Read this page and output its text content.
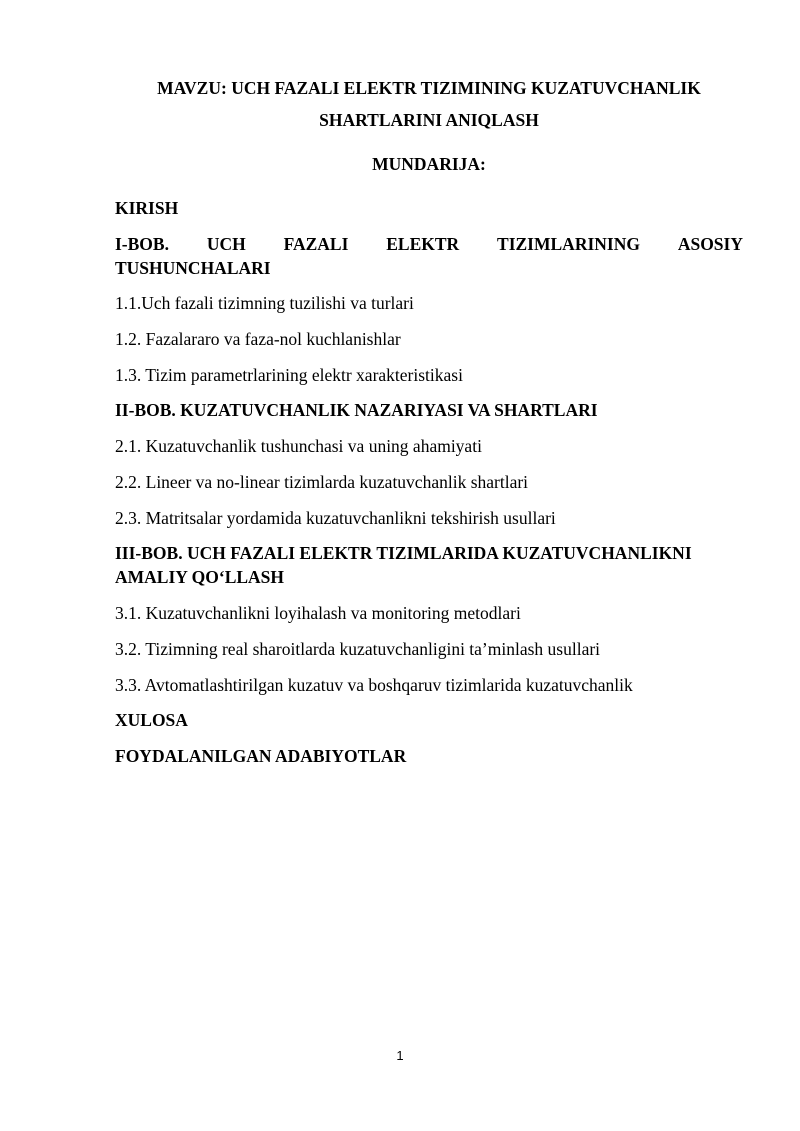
MAVZU: UCH FAZALI ELEKTR TIZIMINING KUZATUVCHANLIK

SHARTLARINI ANIQLASH

MUNDARIJA:

KIRISH

I-BOB. UCH FAZALI ELEKTR TIZIMLARINING ASOSIY

TUSHUNCHALARI

1.1.Uch fazali tizimning tuzilishi va turlari

1.2. Fazalararo va faza-nol kuchlanishlar

1.3. Tizim parametrlarining elektr xarakteristikasi

II-BOB. KUZATUVCHANLIK NAZARIYASI VA SHARTLARI

2.1. Kuzatuvchanlik tushunchasi va uning ahamiyati

2.2. Lineer va no-linear tizimlarda kuzatuvchanlik shartlari

2.3. Matritsalar yordamida kuzatuvchanlikni tekshirish usullari

III-BOB. UCH FAZALI ELEKTR TIZIMLARIDA KUZATUVCHANLIKNI

AMALIY QO‘LLASH

3.1. Kuzatuvchanlikni loyihalash va monitoring metodlari

3.2. Tizimning real sharoitlarda kuzatuvchanligini ta’minlash usullari

3.3. Avtomatlashtirilgan kuzatuv va boshqaruv tizimlarida kuzatuvchanlik

XULOSA

FOYDALANILGAN ADABIYOTLAR

1
